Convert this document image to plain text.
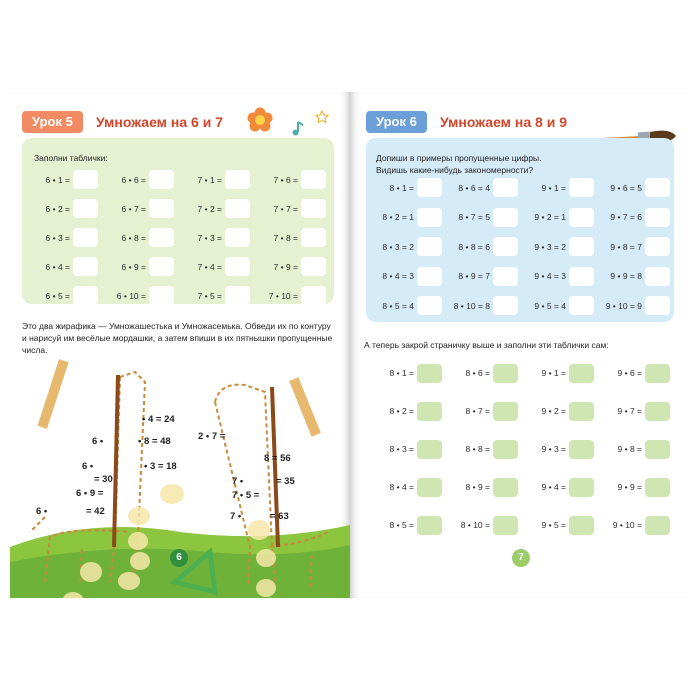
Урок 5	Умножаем на 6 и 7
Заполни таблички:
6 • 1 =	6 • 6 =	7 • 1 =	7 • 6 =
6 • 2 =	6 • 7 =	7 • 2 =	7 • 7 =
6 • 3 =	6 • 8 =	7 • 3 =	7 • 8 =
6 • 4 =	6 • 9 =	7 • 4 =	7 • 9 =
6 • 5 =	6 • 10 =	7 • 5 =	7 • 10 =
Это два жирафика — Умножашестька и Умножасемька. Обведи их по контуру
и нарисуй им весёлые мордашки, а затем впиши в их пятнышки пропущенные числа.
• 4 = 24
6 •	• 8 = 48
• 3 = 18
6 •
= 30
6 • 9 =
6 •	= 42
2 • 7 =
8 = 56
7 •	= 35
7 • 5 =
7 •	= 63
6
Урок 6	Умножаем на 8 и 9
Допиши в примеры пропущенные цифры.
Видишь какие-нибудь закономерности?
8 • 1 =	8 • 6 = 4	9 • 1 =	9 • 6 = 5
8 • 2 = 1	8 • 7 = 5	9 • 2 = 1	9 • 7 = 6
8 • 3 = 2	8 • 8 = 6	9 • 3 = 2	9 • 8 = 7
8 • 4 = 3	8 • 9 = 7	9 • 4 = 3	9 • 9 = 8
8 • 5 = 4	8 • 10 = 8	9 • 5 = 4	9 • 10 = 9
А теперь закрой страничку выше и заполни эти таблички сам:
8 • 1 =	8 • 6 =	9 • 1 =	9 • 6 =
8 • 2 =	8 • 7 =	9 • 2 =	9 • 7 =
8 • 3 =	8 • 8 =	9 • 3 =	9 • 8 =
8 • 4 =	8 • 9 =	9 • 4 =	9 • 9 =
8 • 5 =	8 • 10 =	9 • 5 =	9 • 10 =
7
